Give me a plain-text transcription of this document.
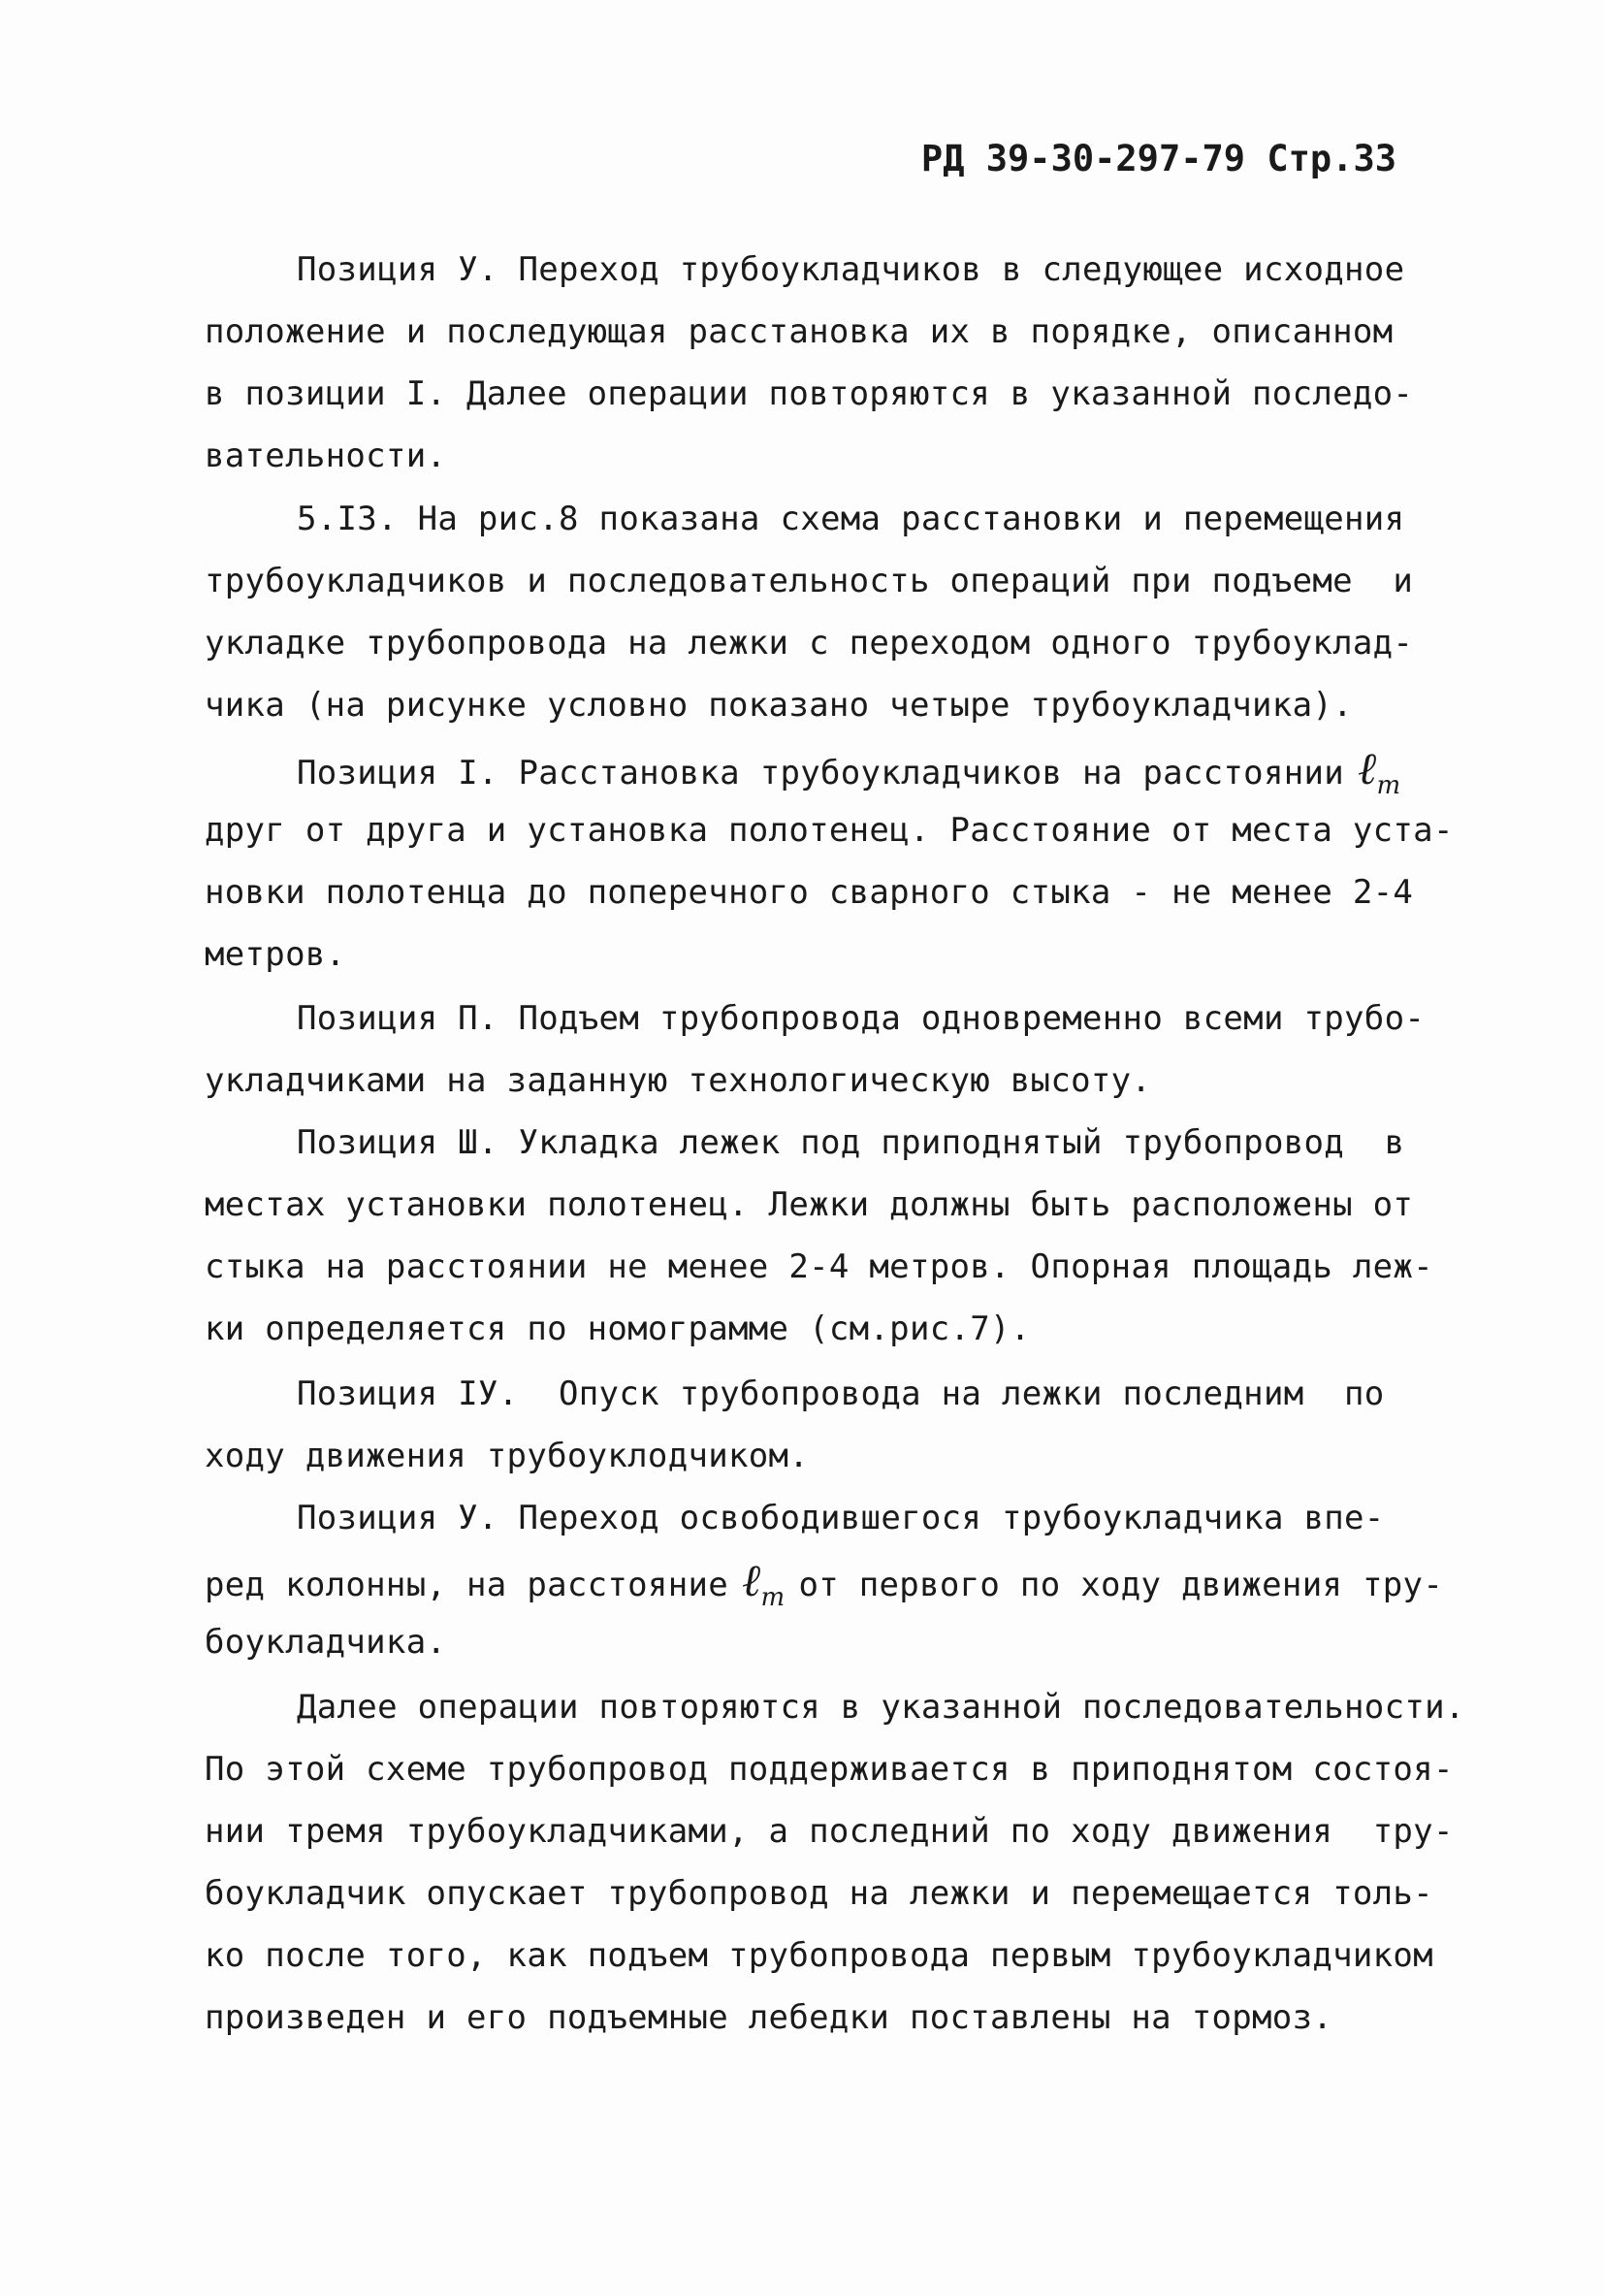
РД 39-30-297-79 Стр.33
Позиция У. Переход трубоукладчиков в следующее исходное
положение и последующая расстановка их в порядке, описанном
в позиции I. Далее операции повторяются в указанной последо-
вательности.
5.I3. На рис.8 показана схема расстановки и перемещения
трубоукладчиков и последовательность операций при подъеме  и
укладке трубопровода на лежки с переходом одного трубоуклад-
чика (на рисунке условно показано четыре трубоукладчика).
Позиция I. Расстановка трубоукладчиков на расстоянии ℓ$_т$
друг от друга и установка полотенец. Расстояние от места уста-
новки полотенца до поперечного сварного стыка - не менее 2-4
метров.
Позиция П. Подъем трубопровода одновременно всеми трубо-
укладчиками на заданную технологическую высоту.
Позиция Ш. Укладка лежек под приподнятый трубопровод  в
местах установки полотенец. Лежки должны быть расположены от
стыка на расстоянии не менее 2-4 метров. Опорная площадь леж-
ки определяется по номограмме (см.рис.7).
Позиция IУ.  Опуск трубопровода на лежки последним  по
ходу движения трубоуклодчиком.
Позиция У. Переход освободившегося трубоукладчика впе-
ред колонны, на расстояние ℓ$_т$ от первого по ходу движения тру-
боукладчика.
Далее операции повторяются в указанной последовательности.
По этой схеме трубопровод поддерживается в приподнятом состоя-
нии тремя трубоукладчиками, а последний по ходу движения  тру-
боукладчик опускает трубопровод на лежки и перемещается толь-
ко после того, как подъем трубопровода первым трубоукладчиком
произведен и его подъемные лебедки поставлены на тормоз.
